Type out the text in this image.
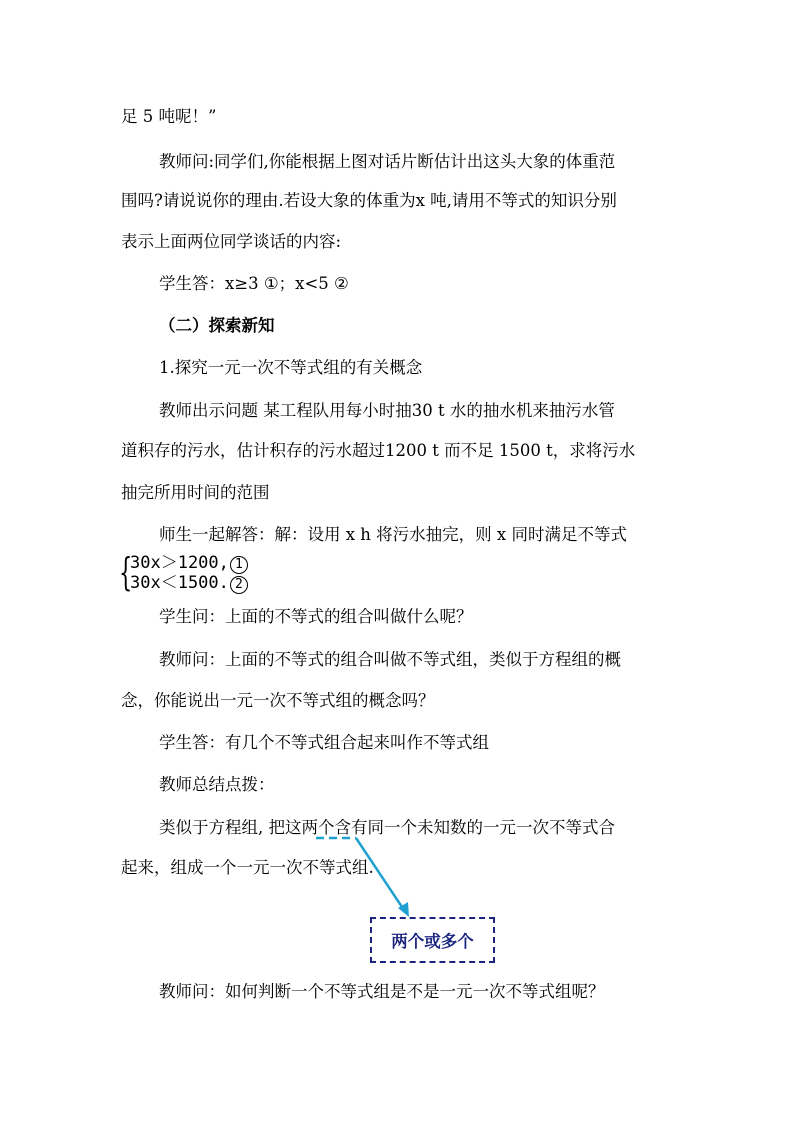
足 5 吨呢！”
教师问:同学们,你能根据上图对话片断估计出这头大象的体重范
围吗?请说说你的理由.若设大象的体重为x 吨,请用不等式的知识分别
表示上面两位同学谈话的内容:
学生答：x≥3 ①；x<5 ②
（二）探索新知
1.探究一元一次不等式组的有关概念
教师出示问题 某工程队用每小时抽30 t 水的抽水机来抽污水管
道积存的污水，估计积存的污水超过1200 t 而不足 1500 t，求将污水
抽完所用时间的范围
师生一起解答：解：设用 x h 将污水抽完，则 x 同时满足不等式
{
30x＞1200, 1
30x＜1500. 2
学生问：上面的不等式的组合叫做什么呢？
教师问：上面的不等式的组合叫做不等式组，类似于方程组的概
念，你能说出一元一次不等式组的概念吗？
学生答：有几个不等式组合起来叫作不等式组
教师总结点拨：
类似于方程组, 把这两个含有同一个未知数的一元一次不等式合
起来，组成一个一元一次不等式组.
两个或多个
教师问：如何判断一个不等式组是不是一元一次不等式组呢？
